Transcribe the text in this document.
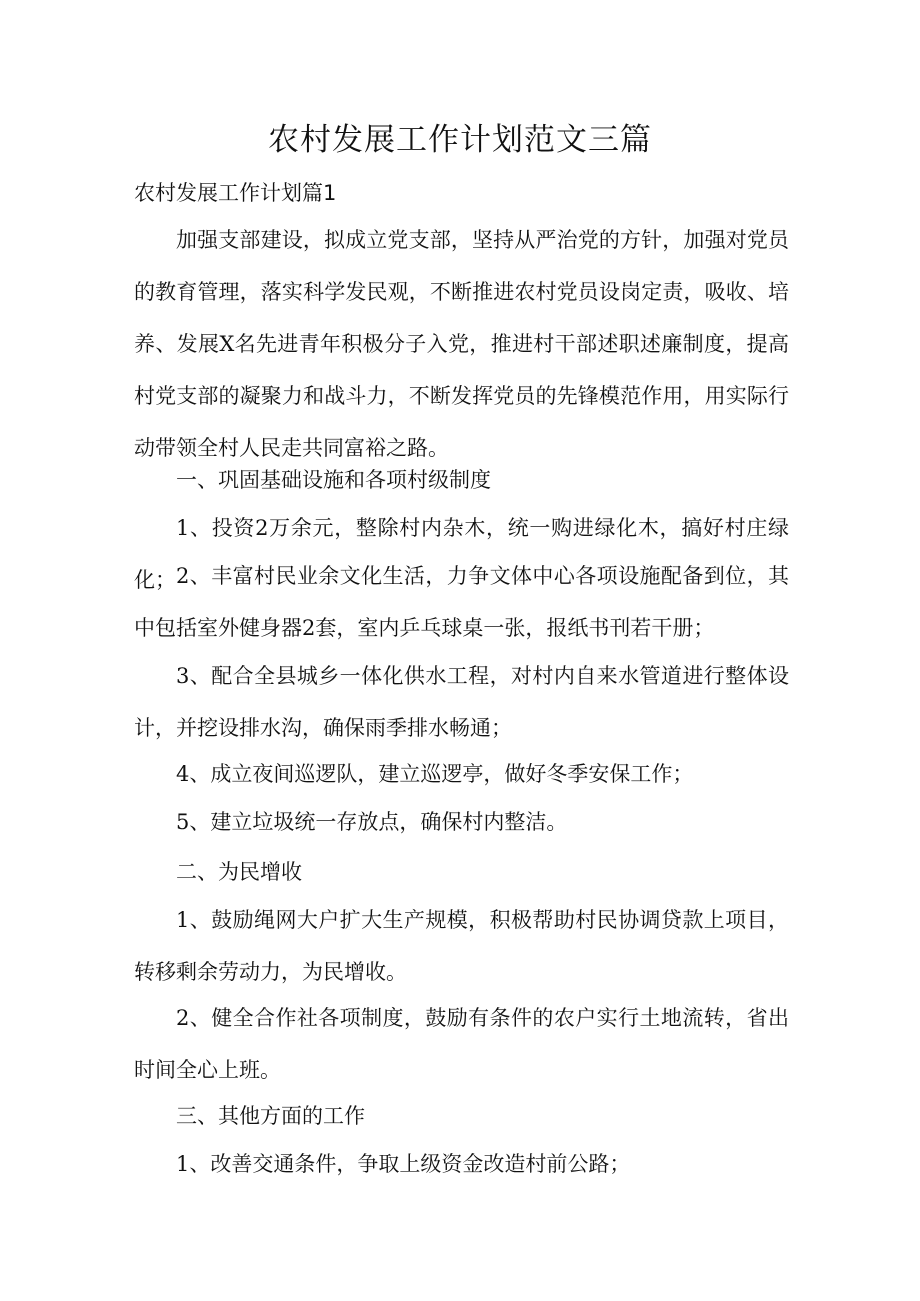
农村发展工作计划范文三篇
农村发展工作计划篇1

加强支部建设，拟成立党支部，坚持从严治党的方针，加强对党员的教育管理，落实科学发民观，不断推进农村党员设岗定责，吸收、培养、发展X名先进青年积极分子入党，推进村干部述职述廉制度，提高村党支部的凝聚力和战斗力，不断发挥党员的先锋模范作用，用实际行动带领全村人民走共同富裕之路。

一、巩固基础设施和各项村级制度

1、投资2万余元，整除村内杂木，统一购进绿化木，搞好村庄绿化； 2、丰富村民业余文化生活，力争文体中心各项设施配备到位，其中包括室外健身器2套，室内乒乓球桌一张，报纸书刊若干册；

3、配合全县城乡一体化供水工程，对村内自来水管道进行整体设计，并挖设排水沟，确保雨季排水畅通；

4、成立夜间巡逻队，建立巡逻亭，做好冬季安保工作；

5、建立垃圾统一存放点，确保村内整洁。

二、为民增收

1、鼓励绳网大户扩大生产规模，积极帮助村民协调贷款上项目，转移剩余劳动力，为民增收。

2、健全合作社各项制度，鼓励有条件的农户实行土地流转，省出时间全心上班。

三、其他方面的工作

1、改善交通条件，争取上级资金改造村前公路；
